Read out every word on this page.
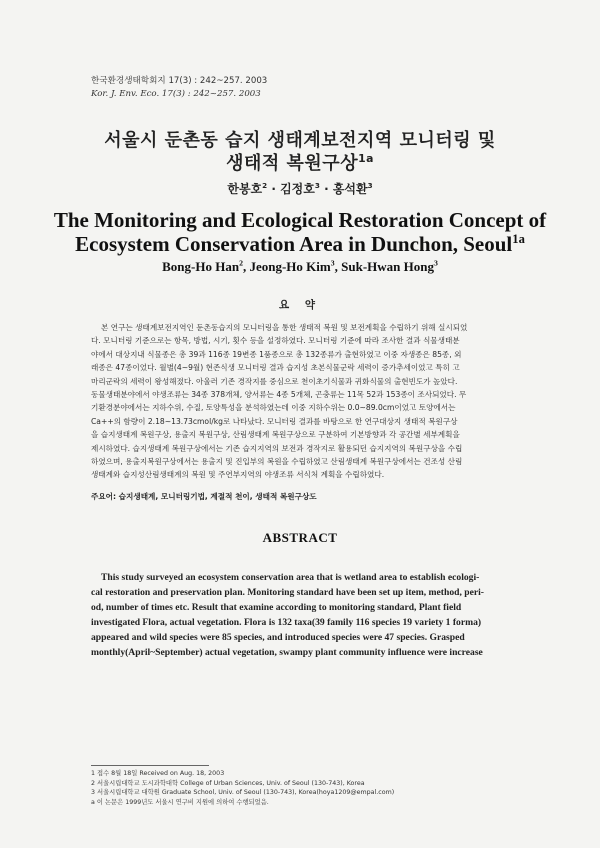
한국환경생태학회지 17(3) : 242~257. 2003
Kor. J. Env. Eco. 17(3) : 242~257. 2003
서울시 둔촌동 습지 생태계보전지역 모니터링 및
생태적 복원구상$^{1a}$
한봉호$^2$ · 김정호$^3$ · 홍석환$^3$
The Monitoring and Ecological Restoration Concept of
Ecosystem Conservation Area in Dunchon, Seoul$^{1a}$
Bong-Ho Han$^2$, Jeong-Ho Kim$^3$, Suk-Hwan Hong$^3$
요 약
본 연구는 생태계보전지역인 둔촌동습지의 모니터링을 통한 생태적 복원 및 보전계획을 수립하기 위해 실시되었
다. 모니터링 기준으로는 항목, 방법, 시기, 횟수 등을 설정하였다. 모니터링 기준에 따라 조사한 결과 식물생태분
야에서 대상지내 식물종은 총 39과 116종 19변종 1품종으로 총 132종류가 출현하였고 이중 자생종은 85종, 외
래종은 47종이었다. 월별(4~9월) 현존식생 모니터링 결과 습지성 초본식물군락 세력이 증가추세이었고 특히 고
마리군락의 세력이 왕성해졌다. 아울러 기존 경작지를 중심으로 천이초기식물과 귀화식물의 출현빈도가 높았다.
동물생태분야에서 야생조류는 34종 378개체, 양서류는 4종 5개체, 곤충류는 11목 52과 153종이 조사되었다. 무
기환경분야에서는 지하수위, 수질, 토양특성을 분석하였는데 이중 지하수위는 0.0~89.0cm이었고 토양에서는
Ca++의 함량이 2.18~13.73cmol/kg로 나타났다. 모니터링 결과를 바탕으로 한 연구대상지 생태적 복원구상
을 습지생태계 복원구상, 용출지 복원구상, 산림생태계 복원구상으로 구분하여 기본방향과 각 공간별 세부계획을
제시하였다. 습지생태계 복원구상에서는 기존 습지지역의 보전과 경작지로 활용되던 습지지역의 복원구상을 수립
하였으며, 용출지복원구상에서는 용출지 및 진입부의 복원을 수립하였고 산림생태계 복원구상에서는 건조성 산림
생태계와 습지성산림생태계의 복원 및 주연부지역의 야생조류 서식처 계획을 수립하였다.
주요어: 습지생태계, 모니터링기법, 계절적 천이, 생태적 복원구상도
ABSTRACT
This study surveyed an ecosystem conservation area that is wetland area to establish ecologi-
cal restoration and preservation plan. Monitoring standard have been set up item, method, peri-
od, number of times etc. Result that examine according to monitoring standard, Plant field
investigated Flora, actual vegetation. Flora is 132 taxa(39 family 116 species 19 variety 1 forma)
appeared and wild species were 85 species, and introduced species were 47 species. Grasped
monthly(April~September) actual vegetation, swampy plant community influence were increase
1 접수 8월 18일 Received on Aug. 18, 2003
2 서울시립대학교 도시과학대학 College of Urban Sciences, Univ. of Seoul (130-743), Korea
3 서울시립대학교 대학원 Graduate School, Univ. of Seoul (130-743), Korea(hoya1209@empal.com)
a 이 논문은 1999년도 서울시 연구비 지원에 의하여 수행되었음.
